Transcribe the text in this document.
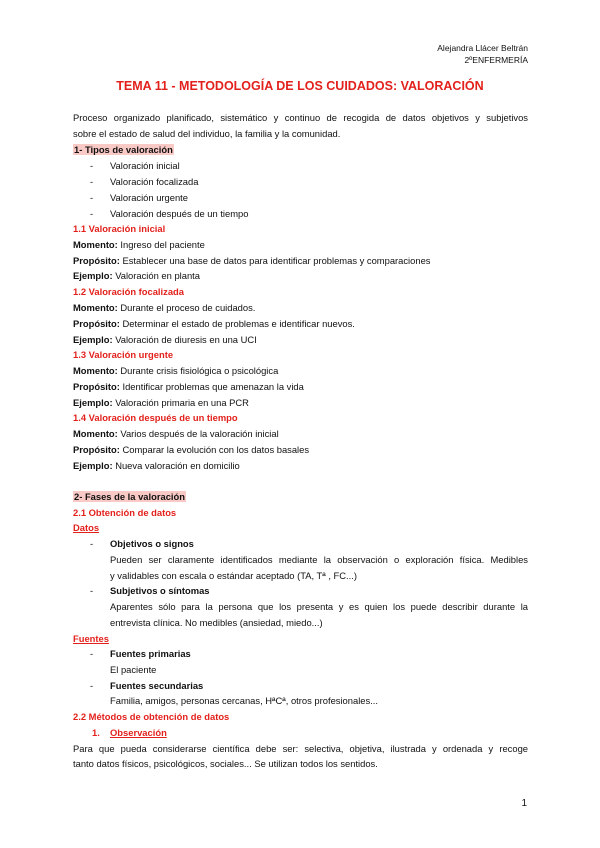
Alejandra Llácer Beltrán
2ºENFERMERÍA
TEMA 11 - METODOLOGÍA DE LOS CUIDADOS: VALORACIÓN
Proceso organizado planificado, sistemático y continuo de recogida de datos objetivos y subjetivos
sobre el estado de salud del individuo, la familia y la comunidad.
1- Tipos de valoración
- Valoración inicial
- Valoración focalizada
- Valoración urgente
- Valoración después de un tiempo
1.1 Valoración inicial
Momento: Ingreso del paciente
Propósito: Establecer una base de datos para identificar problemas y comparaciones
Ejemplo: Valoración en planta
1.2 Valoración focalizada
Momento: Durante el proceso de cuidados.
Propósito: Determinar el estado de problemas e identificar nuevos.
Ejemplo: Valoración de diuresis en una UCI
1.3 Valoración urgente
Momento: Durante crisis fisiológica o psicológica
Propósito: Identificar problemas que amenazan la vida
Ejemplo: Valoración primaria en una PCR
1.4 Valoración después de un tiempo
Momento: Varios después de la valoración inicial
Propósito: Comparar la evolución con los datos basales
Ejemplo: Nueva valoración en domicilio
2- Fases de la valoración
2.1 Obtención de datos
Datos
- Objetivos o signos
Pueden ser claramente identificados mediante la observación o exploración física. Medibles
y validables con escala o estándar aceptado (TA, Tª , FC...)
- Subjetivos o síntomas
Aparentes sólo para la persona que los presenta y es quien los puede describir durante la
entrevista clínica. No medibles (ansiedad, miedo...)
Fuentes
- Fuentes primarias
El paciente
- Fuentes secundarias
Familia, amigos, personas cercanas, HªCª, otros profesionales...
2.2 Métodos de obtención de datos
1. Observación
Para que pueda considerarse científica debe ser: selectiva, objetiva, ilustrada y ordenada y recoge
tanto datos físicos, psicológicos, sociales... Se utilizan todos los sentidos.
1
